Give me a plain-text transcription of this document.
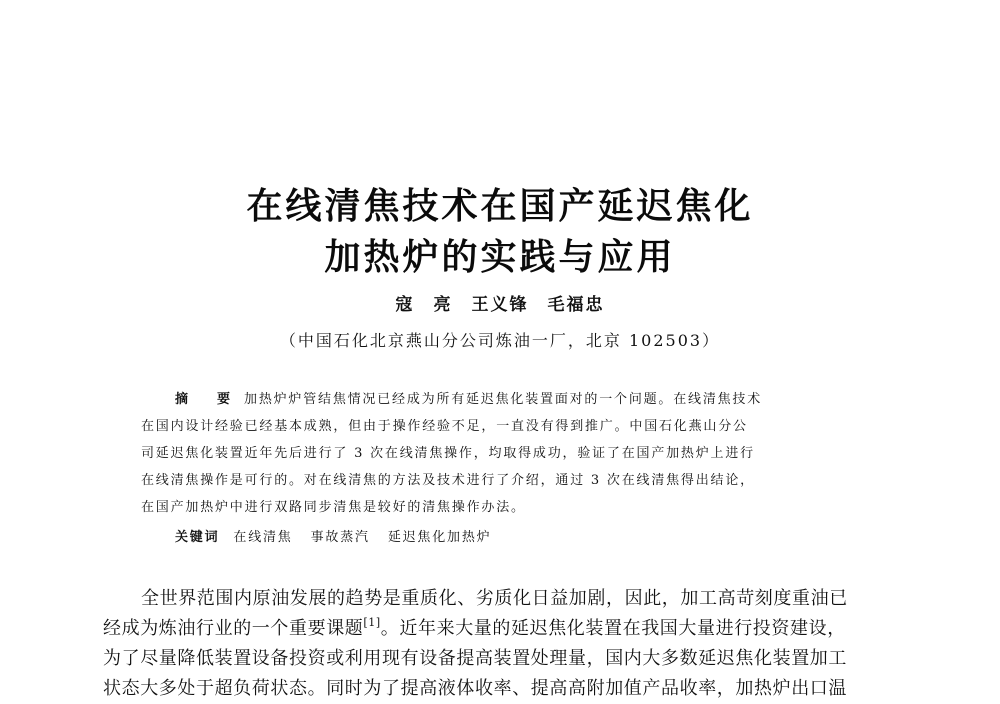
在线清焦技术在国产延迟焦化
加热炉的实践与应用
寇　亮　王义锋　毛福忠
（中国石化北京燕山分公司炼油一厂，北京 102503）
摘　要 加热炉炉管结焦情况已经成为所有延迟焦化装置面对的一个问题。在线清焦技术
在国内设计经验已经基本成熟，但由于操作经验不足，一直没有得到推广。中国石化燕山分公
司延迟焦化装置近年先后进行了 3 次在线清焦操作，均取得成功，验证了在国产加热炉上进行
在线清焦操作是可行的。对在线清焦的方法及技术进行了介绍，通过 3 次在线清焦得出结论，
在国产加热炉中进行双路同步清焦是较好的清焦操作办法。
关键词 在线清焦 事故蒸汽 延迟焦化加热炉
全世界范围内原油发展的趋势是重质化、劣质化日益加剧，因此，加工高苛刻度重油已
经成为炼油行业的一个重要课题[1]。近年来大量的延迟焦化装置在我国大量进行投资建设，
为了尽量降低装置设备投资或利用现有设备提高装置处理量，国内大多数延迟焦化装置加工
状态大多处于超负荷状态。同时为了提高液体收率、提高高附加值产品收率，加热炉出口温
